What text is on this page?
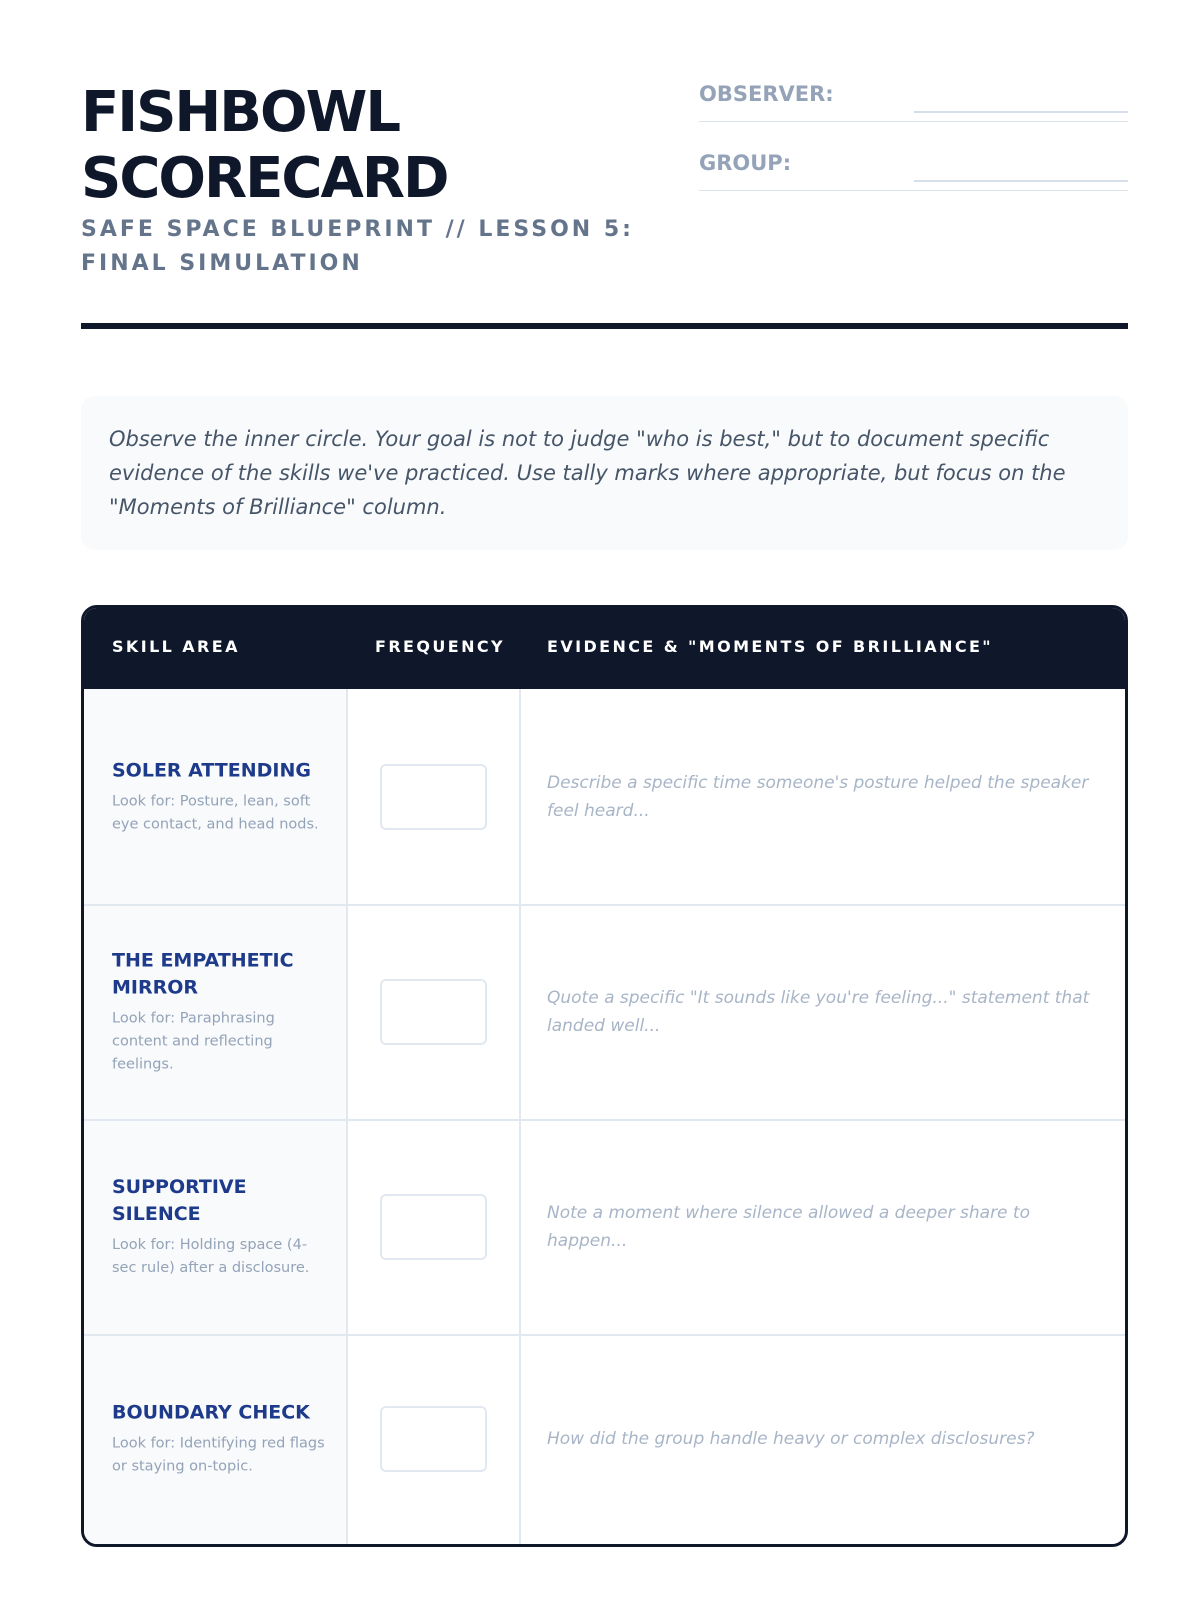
FISHBOWL
SCORECARD

SAFE SPACE BLUEPRINT // LESSON 5: FINAL SIMULATION

OBSERVER:
GROUP:

Observe the inner circle. Your goal is not to judge "who is best," but to document specific evidence of the skills we've practiced. Use tally marks where appropriate, but focus on the "Moments of Brilliance" column.

SKILL AREA	FREQUENCY	EVIDENCE & "MOMENTS OF BRILLIANCE"

SOLER ATTENDING

Look for: Posture, lean, soft eye contact, and head nods.

Describe a specific time someone's posture helped the speaker feel heard...

THE EMPATHETIC MIRROR

Look for: Paraphrasing content and reflecting feelings.

Quote a specific "It sounds like you're feeling..." statement that landed well...

SUPPORTIVE SILENCE

Look for: Holding space (4-sec rule) after a disclosure.

Note a moment where silence allowed a deeper share to happen...

BOUNDARY CHECK

Look for: Identifying red flags or staying on-topic.

How did the group handle heavy or complex disclosures?
